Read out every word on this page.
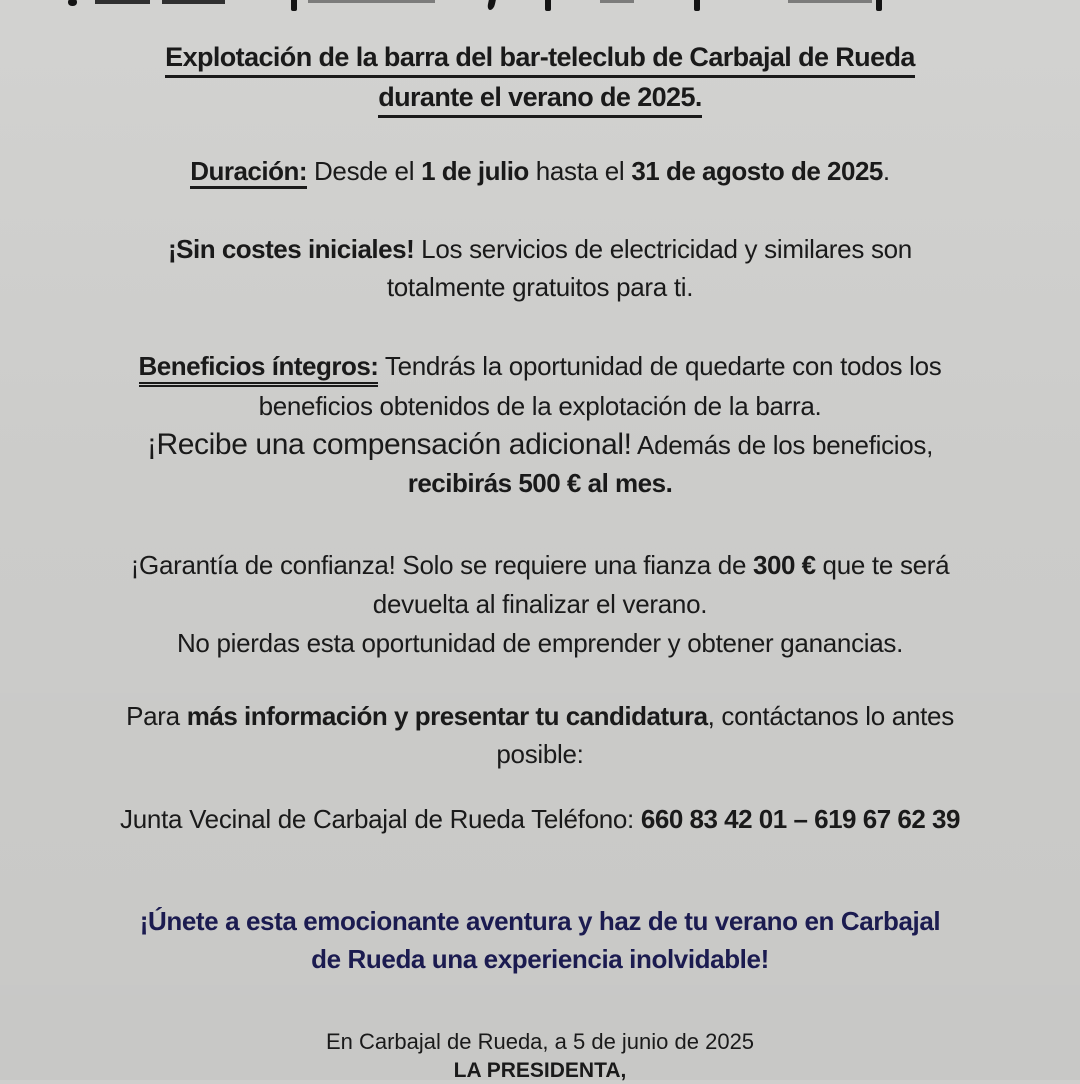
Explotación de la barra del bar-teleclub de Carbajal de Rueda
durante el verano de 2025.
Duración: Desde el 1 de julio hasta el 31 de agosto de 2025.
¡Sin costes iniciales! Los servicios de electricidad y similares son
totalmente gratuitos para ti.
Beneficios íntegros: Tendrás la oportunidad de quedarte con todos los
beneficios obtenidos de la explotación de la barra.
¡Recibe una compensación adicional! Además de los beneficios,
recibirás 500 € al mes.
¡Garantía de confianza! Solo se requiere una fianza de 300 € que te será
devuelta al finalizar el verano.
No pierdas esta oportunidad de emprender y obtener ganancias.
Para más información y presentar tu candidatura, contáctanos lo antes
posible:
Junta Vecinal de Carbajal de Rueda Teléfono: 660 83 42 01 – 619 67 62 39
¡Únete a esta emocionante aventura y haz de tu verano en Carbajal
de Rueda una experiencia inolvidable!
En Carbajal de Rueda, a 5 de junio de 2025
LA PRESIDENTA,
